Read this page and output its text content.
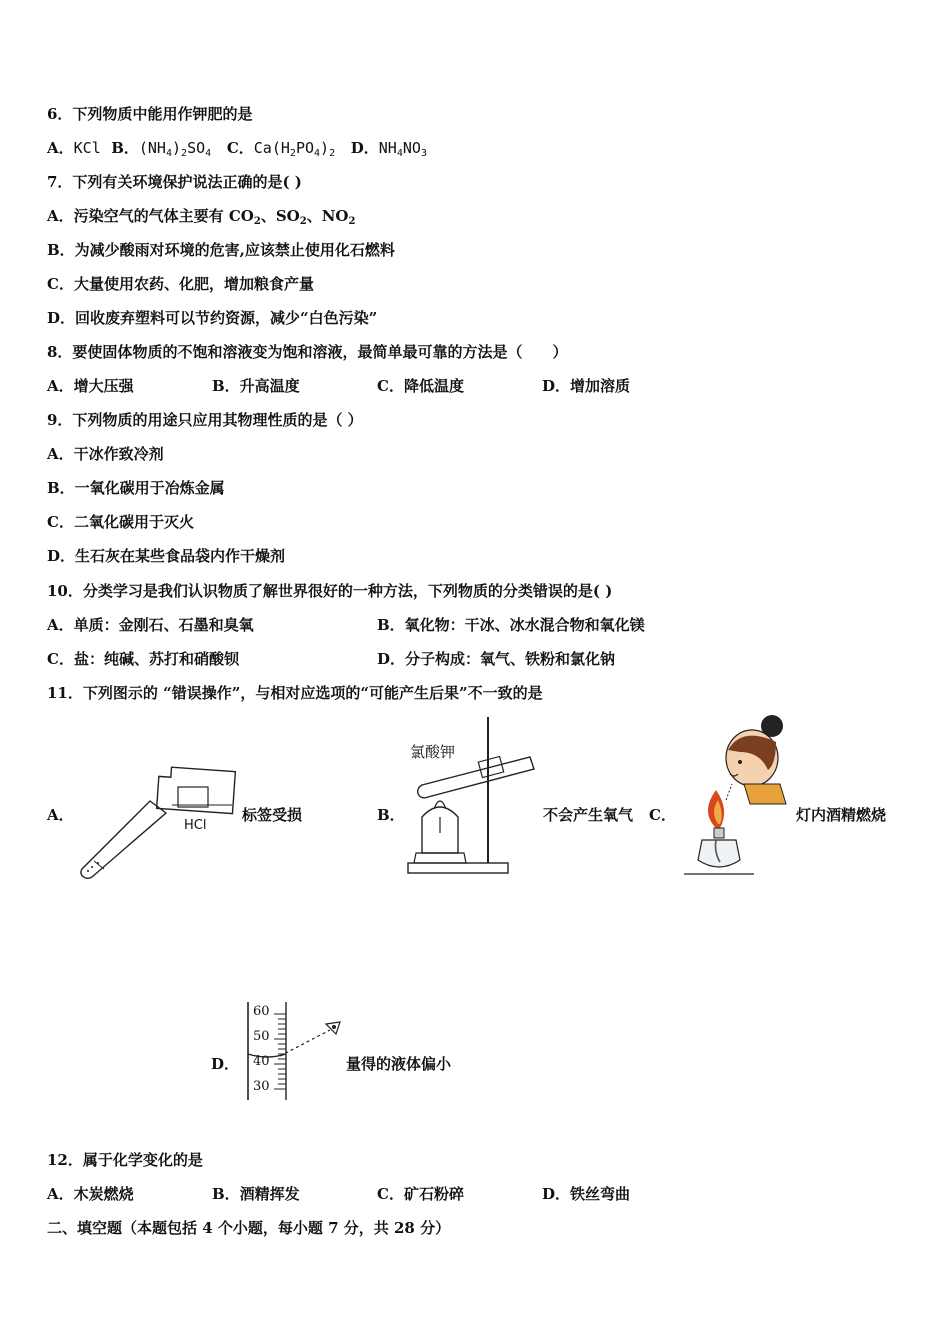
6．下列物质中能用作钾肥的是
A．KCl B．$(NH_4)_2SO_4$ C．$Ca(H_2PO_4)_2$ D．$NH_4NO_3$
7．下列有关环境保护说法正确的是( )
A．污染空气的气体主要有 $CO_2$、$SO_2$、$NO_2$
B．为减少酸雨对环境的危害,应该禁止使用化石燃料
C．大量使用农药、化肥，增加粮食产量
D．回收废弃塑料可以节约资源，减少“白色污染”
8．要使固体物质的不饱和溶液变为饱和溶液，最简单最可靠的方法是（　　）
A．增大压强	B．升高温度	C．降低温度	D．增加溶质
9．下列物质的用途只应用其物理性质的是（ ）
A．干冰作致冷剂
B．一氧化碳用于冶炼金属
C．二氧化碳用于灭火
D．生石灰在某些食品袋内作干燥剂
10．分类学习是我们认识物质了解世界很好的一种方法，下列物质的分类错误的是( )
A．单质：金刚石、石墨和臭氧	B．氧化物：干冰、冰水混合物和氧化镁
C．盐：纯碱、苏打和硝酸钡	D．分子构成：氧气、铁粉和氯化钠
11．下列图示的 “错误操作”，与相对应选项的“可能产生后果”不一致的是
A．
HCl
标签受损	B．
氯酸钾
不会产生氧气 C．	灯内酒精燃烧
D．
60
50
40
30
量得的液体偏小
12．属于化学变化的是
A．木炭燃烧	B．酒精挥发	C．矿石粉碎	D．铁丝弯曲
二、填空题（本题包括 4 个小题，每小题 7 分，共 28 分）
